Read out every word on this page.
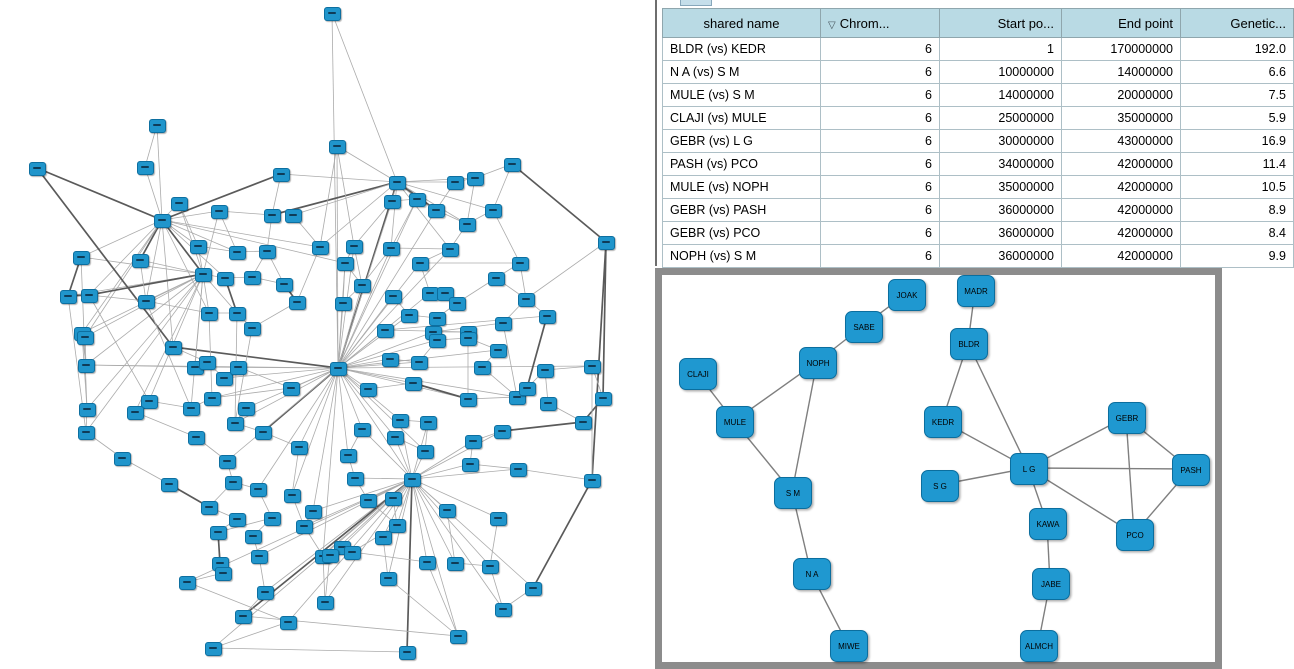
shared name	▽ Chrom...	Start po...	End point	Genetic...
BLDR (vs) KEDR	6	1	170000000	192.0
N A (vs) S M	6	10000000	14000000	6.6
MULE (vs) S M	6	14000000	20000000	7.5
CLAJI (vs) MULE	6	25000000	35000000	5.9
GEBR (vs) L G	6	30000000	43000000	16.9
PASH (vs) PCO	6	34000000	42000000	11.4
MULE (vs) NOPH	6	35000000	42000000	10.5
GEBR (vs) PASH	6	36000000	42000000	8.9
GEBR (vs) PCO	6	36000000	42000000	8.4
NOPH (vs) S M	6	36000000	42000000	9.9
JOAK	MADR
SABE
BLDR
NOPH
CLAJI
MULE	KEDR	GEBR
L G
S G
PASH
S M
KAWA
PCO
N A
JABE
MIWE	ALMCH
